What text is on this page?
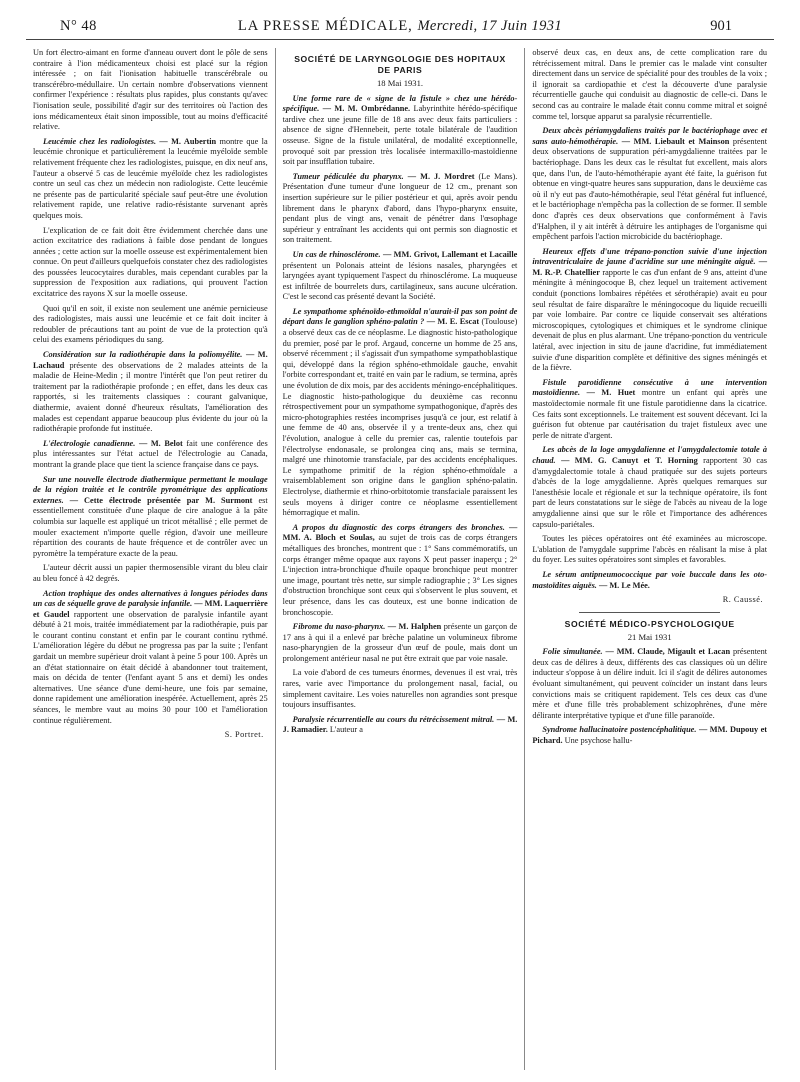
N° 48	LA PRESSE MÉDICALE, Mercredi, 17 Juin 1931	901

Un fort électro-aimant en forme d'anneau ouvert dont le pôle de sens contraire à l'ion médicamenteux choisi est placé sur la région intéressée ; on fait l'ionisation habituelle transcérébrale ou transcérébro-médullaire. Un certain nombre d'observations viennent confirmer l'expérience : résultats plus rapides, plus constants qu'avec l'ionisation seule, possibilité d'agir sur des territoires où l'action des ions médicamenteux était sinon impossible, tout au moins d'efficacité relative.

Leucémie chez les radiologistes. — M. Aubertin montre que la leucémie chronique et particulièrement la leucémie myéloïde semble relativement fréquente chez les radiologistes, puisque, en dix neuf ans, l'auteur a observé 5 cas de leucémie myéloïde chez les radiologistes contre un seul cas chez un médecin non radiologiste. Cette leucémie ne présente pas de particularité spéciale sauf peut-être une évolution relativement rapide, une relative radio-résistante survenant après quelques mois.

L'explication de ce fait doit être évidemment cherchée dans une action excitatrice des radiations à faible dose pendant de longues années ; cette action sur la moelle osseuse est expérimentalement bien connue. On peut d'ailleurs quelquefois constater chez des radiologistes des poussées leucocytaires durables, mais cependant curables par la suppression de l'exposition aux radiations, qui prouvent l'action excitatrice des rayons X sur la moelle osseuse.

Quoi qu'il en soit, il existe non seulement une anémie pernicieuse des radiologistes, mais aussi une leucémie et ce fait doit inciter à redoubler de précautions tant au point de vue de la protection qu'à celui des examens périodiques du sang.

Considération sur la radiothérapie dans la poliomyélite. — M. Lachaud présente des observations de 2 malades atteints de la maladie de Heine-Medin ; il montre l'intérêt que l'on peut retirer du traitement par la radiothérapie profonde ; en effet, dans les deux cas rapportés, si les traitements classiques : courant galvanique, diathermie, avaient donné d'heureux résultats, l'amélioration des malades est cependant apparue beaucoup plus évidente du jour où la radiothérapie profonde fut instituée.

L'électrologie canadienne. — M. Belot fait une conférence des plus intéressantes sur l'état actuel de l'électrologie au Canada, montrant la grande place que tient la science française dans ce pays.

Sur une nouvelle électrode diathermique permettant le moulage de la région traitée et le contrôle pyrométrique des applications externes. — Cette électrode présentée par M. Surmont est essentiellement constituée d'une plaque de cire analogue à la pâte columbia sur laquelle est appliqué un tricot métallisé ; elle permet de mouler exactement n'importe quelle région, d'avoir une meilleure répartition des courants de haute fréquence et de contrôler avec un pyromètre la température exacte de la peau.

L'auteur décrit aussi un papier thermosensible virant du bleu clair au bleu foncé à 42 degrés.

Action trophique des ondes alternatives à longues périodes dans un cas de séquelle grave de paralysie infantile. — MM. Laquerrière et Gaudel rapportent une observation de paralysie infantile ayant débuté à 21 mois, traitée immédiatement par la radiothérapie, puis par le courant continu constant et enfin par le courant continu rythmé. L'amélioration légère du début ne progressa pas par la suite ; l'enfant gardait un membre supérieur droit valant à peine 5 pour 100. Après un an d'état stationnaire on était décidé à abandonner tout traitement, mais on décida de tenter (l'enfant ayant 5 ans et demi) les ondes alternatives. Une séance d'une demi-heure, une fois par semaine, donne rapidement une amélioration inespérée. Actuellement, après 25 séances, le membre vaut au moins 30 pour 100 et l'amélioration continue régulièrement.

S. Portret.
SOCIÉTÉ DE LARYNGOLOGIE DES HOPITAUX
DE PARIS
18 Mai 1931.

Une forme rare de « signe de la fistule » chez une hérédo-spécifique. — M. M. Ombrédanne. Labyrinthite hérédo-spécifique tardive chez une jeune fille de 18 ans avec deux faits particuliers : absence de signe d'Hennebeit, perte totale bilatérale de l'audition osseuse. Signe de la fistule unilatéral, de modalité exceptionnelle, provoqué soit par pression très localisée intermaxillo-mastoïdienne soit par insufflation tubaire.

Tumeur pédiculée du pharynx. — M. J. Mordret (Le Mans). Présentation d'une tumeur d'une longueur de 12 cm., prenant son insertion supérieure sur le pilier postérieur et qui, après avoir pendu librement dans le pharynx d'abord, dans l'hypo-pharynx ensuite, pendant plus de vingt ans, venait de pénétrer dans l'œsophage supérieur y entraînant les accidents qui ont permis son diagnostic et son traitement.

Un cas de rhinosclérome. — MM. Grivot, Lallemant et Lacaille présentent un Polonais atteint de lésions nasales, pharyngées et laryngées ayant typiquement l'aspect du rhinosclérome. La muqueuse est infiltrée de bourrelets durs, cartilagineux, sans aucune ulcération. C'est le second cas présenté devant la Société.

Le sympathome sphénoïdo-ethmoïdal n'aurait-il pas son point de départ dans le ganglion sphéno-palatin ? — M. E. Escat (Toulouse) a observé deux cas de ce néoplasme. Le diagnostic histo-pathologique du premier, posé par le prof. Argaud, concerne un homme de 25 ans, observé récemment ; il s'agissait d'un sympathome sympathoblastique qui, développé dans la région sphéno-ethmoïdale gauche, envahit l'orbite correspondant et, traité en vain par le radium, se termina, après une évolution de dix mois, par des accidents méningo-encéphalitiques. Le diagnostic histo-pathologique du deuxième cas reconnu rétrospectivement pour un sympathome sympathogonique, d'après des micro-photographies restées incomprises jusqu'à ce jour, est relatif à une femme de 40 ans, observée il y a trente-deux ans, chez qui l'évolution, analogue à celle du premier cas, ralentie toutefois par l'électrolyse endonasale, se prolongea cinq ans, mais se termina, malgré une rhinotomie transfaciale, par des accidents encéphaliques. Le sympathome primitif de la région sphéno-ethmoïdale a vraisemblablement son origine dans le ganglion sphéno-palatin. Electrolyse, diathermie et rhino-orbitotomie transfaciale paraissent les seuls moyens à diriger contre ce néoplasme essentiellement hémorragique et malin.

A propos du diagnostic des corps étrangers des bronches. — MM. A. Bloch et Soulas, au sujet de trois cas de corps étrangers métalliques des bronches, montrent que : 1° Sans commémoratifs, un corps étranger même opaque aux rayons X peut passer inaperçu ; 2° L'injection intra-bronchique d'huile opaque bronchique peut montrer une image, pourtant très nette, sur simple radiographie ; 3° Les signes d'obstruction bronchique sont ceux qui s'observent le plus souvent, et leur présence, dans les cas douteux, est une bonne indication de bronchoscopie.

Fibrome du naso-pharynx. — M. Halphen présente un garçon de 17 ans à qui il a enlevé par brèche palatine un volumineux fibrome naso-pharyngien de la grosseur d'un œuf de poule, mais dont un prolongement antérieur nasal ne put être extrait que par voie nasale.

La voie d'abord de ces tumeurs énormes, devenues il est vrai, très rares, varie avec l'importance du prolongement nasal, facial, ou simplement cavitaire. Les voies naturelles non agrandies sont presque toujours insuffisantes.

Paralysie récurrentielle au cours du rétrécissement mitral. — M. J. Ramadier. L'auteur a

observé deux cas, en deux ans, de cette complication rare du rétrécissement mitral. Dans le premier cas le malade vint consulter directement dans un service de spécialité pour des troubles de la voix ; il ignorait sa cardiopathie et c'est la découverte d'une paralysie récurrentielle gauche qui conduisit au diagnostic de celle-ci. Dans le second cas au contraire le malade était connu comme mitral et soigné comme tel, lorsque apparut sa paralysie récurrentielle.

Deux abcès périamygdaliens traités par le bactériophage avec et sans auto-hémothérapie. — MM. Liebault et Mainson présentent deux observations de suppuration péri-amygdalienne traitées par le bactériophage. Dans les deux cas le résultat fut excellent, mais alors que, dans l'un, de l'auto-hémothérapie ayant été faite, la guérison fut obtenue en vingt-quatre heures sans suppuration, dans le deuxième cas où il n'y eut pas d'auto-hémothérapie, seul l'état général fut influencé, et le bactériophage n'empêcha pas la collection de se former. Il semble donc d'après ces deux observations que conformément à l'avis d'Halphen, il y ait intérêt à détruire les antiphages de l'organisme qui empêchent parfois l'action microbicide du bactériophage.

Heureux effets d'une trépano-ponction suivie d'une injection intraventriculaire de jaune d'acridine sur une méningite aiguë. — M. R.-P. Chatellier rapporte le cas d'un enfant de 9 ans, atteint d'une méningite à méningocoque B, chez lequel un traitement activement conduit (ponctions lombaires répétées et sérothérapie) avait eu pour seul résultat de faire disparaître le méningocoque du liquide recueilli par voie lombaire. Par contre ce liquide conservait ses altérations microscopiques, cytologiques et chimiques et le syndrome clinique devenait de plus en plus alarmant. Une trépano-ponction du ventricule latéral, avec injection in situ de jaune d'acridine, fut immédiatement suivie d'une disparition complète et définitive des signes méningés et de la fièvre.

Fistule parotidienne consécutive à une intervention mastoïdienne. — M. Huet montre un enfant qui après une mastoïdectomie normale fit une fistule parotidienne dans la cicatrice. Ces faits sont exceptionnels. Le traitement est souvent décevant. Ici la guérison fut obtenue par cautérisation du trajet fistuleux avec une perle de nitrate d'argent.

Les abcès de la loge amygdalienne et l'amygdalectomie totale à chaud. — MM. G. Canuyt et T. Horning rapportent 30 cas d'amygdalectomie totale à chaud pratiquée sur des sujets porteurs d'abcès de la loge amygdalienne. Après quelques remarques sur l'anesthésie locale et régionale et sur la technique opératoire, ils font part de leurs constatations sur le siège de l'abcès au niveau de la loge amygdalienne ainsi que sur le rôle et l'importance des adhérences capsulo-pariétales.

Toutes les pièces opératoires ont été examinées au microscope. L'ablation de l'amygdale supprime l'abcès en réalisant la mise à plat du foyer. Les suites opératoires sont simples et favorables.

Le sérum antipneumococcique par voie buccale dans les oto-mastoïdites aiguës. — M. Le Mée.

R. Caussé.
SOCIÉTÉ MÉDICO-PSYCHOLOGIQUE
21 Mai 1931

Folie simultanée. — MM. Claude, Migault et Lacan présentent deux cas de délires à deux, différents des cas classiques où un délire inducteur s'oppose à un délire induit. Ici il s'agit de délires autonomes évoluant simultanément, qui peuvent coïncider un instant dans leurs convictions mais se critiquent rapidement. Tels ces deux cas d'une mère et d'une fille très probablement schizophrènes, d'une mère délirante interprétative typique et d'une fille paranoïde.

Syndrome hallucinatoire postencéphalitique. — MM. Dupouy et Pichard. Une psychose hallu-
